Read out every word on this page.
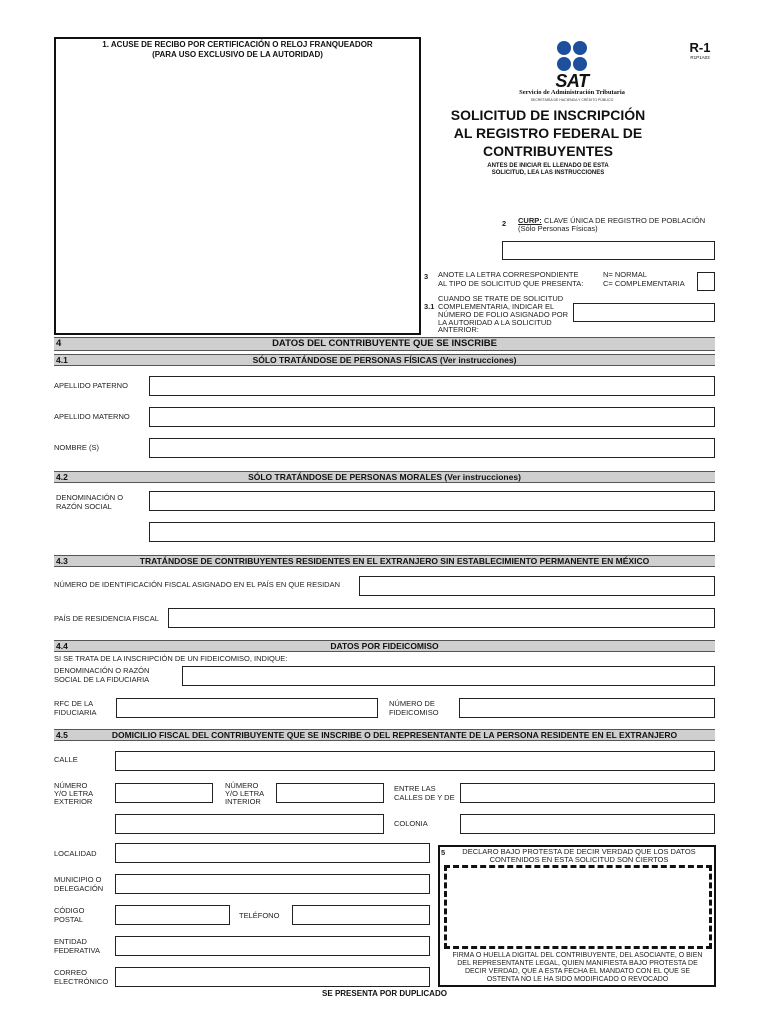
1. ACUSE DE RECIBO POR CERTIFICACIÓN O RELOJ FRANQUEADOR
(PARA USO EXCLUSIVO DE LA AUTORIDAD)
SAT
Servicio de Administración Tributaria
SECRETARÍA DE HACIENDA Y CRÉDITO PÚBLICO
R-1
R1P1A03
SOLICITUD DE INSCRIPCIÓN
AL REGISTRO FEDERAL DE
CONTRIBUYENTES
ANTES DE INICIAR EL LLENADO DE ESTA
SOLICITUD, LEA LAS INSTRUCCIONES
2 CURP: CLAVE ÚNICA DE REGISTRO DE POBLACIÓN
(Sólo Personas Físicas)
3 ANOTE LA LETRA CORRESPONDIENTE
AL TIPO DE SOLICITUD QUE PRESENTA:
N= NORMAL
C= COMPLEMENTARIA
3.1
CUANDO SE TRATE DE SOLICITUD
COMPLEMENTARIA, INDICAR EL
NÚMERO DE FOLIO ASIGNADO POR
LA AUTORIDAD A LA SOLICITUD
ANTERIOR:
4	DATOS DEL CONTRIBUYENTE QUE SE INSCRIBE
4.1	SÓLO TRATÁNDOSE DE PERSONAS FÍSICAS (Ver instrucciones)
APELLIDO PATERNO
APELLIDO MATERNO
NOMBRE (S)
4.2	SÓLO TRATÁNDOSE DE PERSONAS MORALES (Ver instrucciones)
DENOMINACIÓN O
RAZÓN SOCIAL
4.3	TRATÁNDOSE DE CONTRIBUYENTES RESIDENTES EN EL EXTRANJERO SIN ESTABLECIMIENTO PERMANENTE EN MÉXICO
NÚMERO DE IDENTIFICACIÓN FISCAL ASIGNADO EN EL PAÍS EN QUE RESIDAN
PAÍS DE RESIDENCIA FISCAL
4.4	DATOS POR FIDEICOMISO
SI SE TRATA DE LA INSCRIPCIÓN DE UN FIDEICOMISO, INDIQUE:
DENOMINACIÓN O RAZÓN
SOCIAL DE LA FIDUCIARIA
RFC DE LA
FIDUCIARIA
NÚMERO DE
FIDEICOMISO
4.5	DOMICILIO FISCAL DEL CONTRIBUYENTE QUE SE INSCRIBE O DEL REPRESENTANTE DE LA PERSONA RESIDENTE EN EL EXTRANJERO
CALLE
NÚMERO
Y/O LETRA
EXTERIOR
NÚMERO
Y/O LETRA
INTERIOR
ENTRE LAS
CALLES DE Y DE
COLONIA
LOCALIDAD
MUNICIPIO O
DELEGACIÓN
CÓDIGO
POSTAL	TELÉFONO
ENTIDAD
FEDERATIVA
CORREO
ELECTRÓNICO
5	DECLARO BAJO PROTESTA DE DECIR VERDAD QUE LOS DATOS
CONTENIDOS EN ESTA SOLICITUD SON CIERTOS
FIRMA O HUELLA DIGITAL DEL CONTRIBUYENTE, DEL ASOCIANTE, O BIEN
DEL REPRESENTANTE LEGAL, QUIEN MANIFIESTA BAJO PROTESTA DE
DECIR VERDAD, QUE A ESTA FECHA EL MANDATO CON EL QUE SE
OSTENTA NO LE HA SIDO MODIFICADO O REVOCADO
SE PRESENTA POR DUPLICADO
